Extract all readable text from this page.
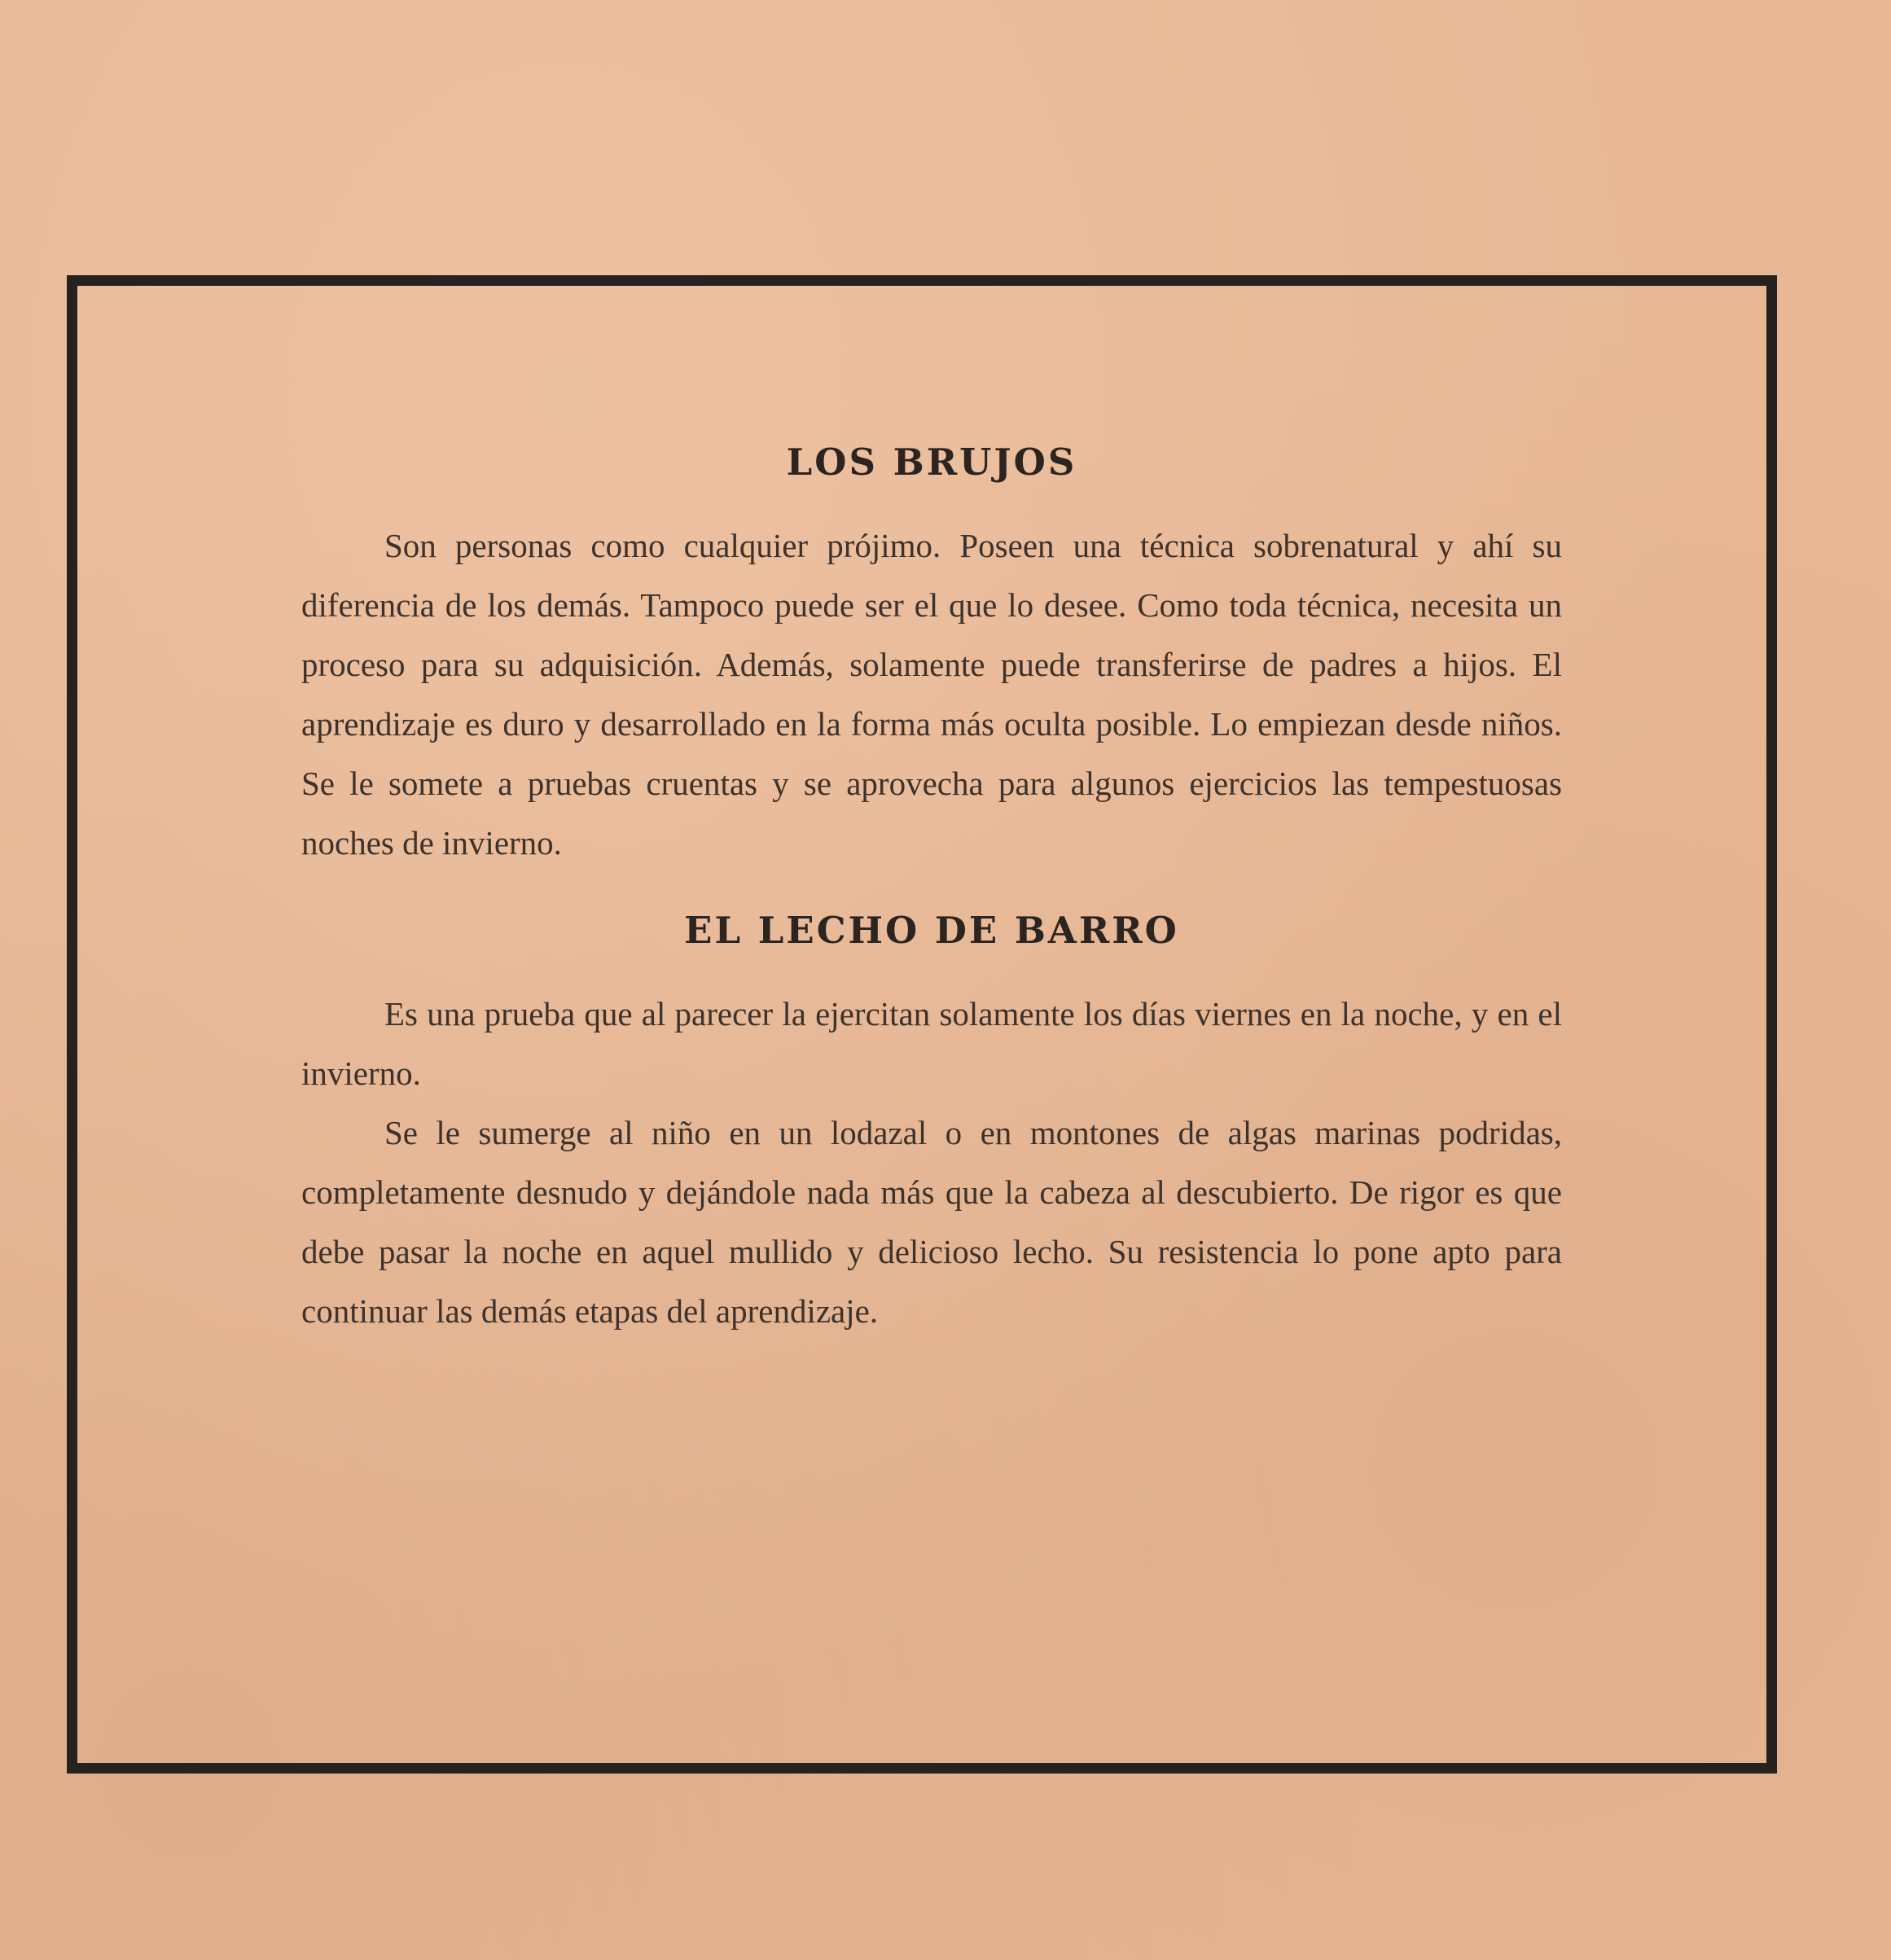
LOS BRUJOS

Son personas como cualquier prójimo. Poseen una técnica sobrenatural y ahí su diferencia de los demás. Tampoco puede ser el que lo desee. Como toda técnica, necesita un proceso para su adquisición. Además, solamente puede transferirse de padres a hijos. El aprendizaje es duro y desarrollado en la forma más oculta posible. Lo empiezan desde niños. Se le somete a pruebas cruentas y se aprovecha para algunos ejercicios las tempestuosas noches de invierno.

EL LECHO DE BARRO

Es una prueba que al parecer la ejercitan solamente los días viernes en la noche, y en el invierno.

Se le sumerge al niño en un lodazal o en montones de algas marinas podridas, completamente desnudo y dejándole nada más que la cabeza al descubierto. De rigor es que debe pasar la noche en aquel mullido y delicioso lecho. Su resistencia lo pone apto para continuar las demás etapas del aprendizaje.
